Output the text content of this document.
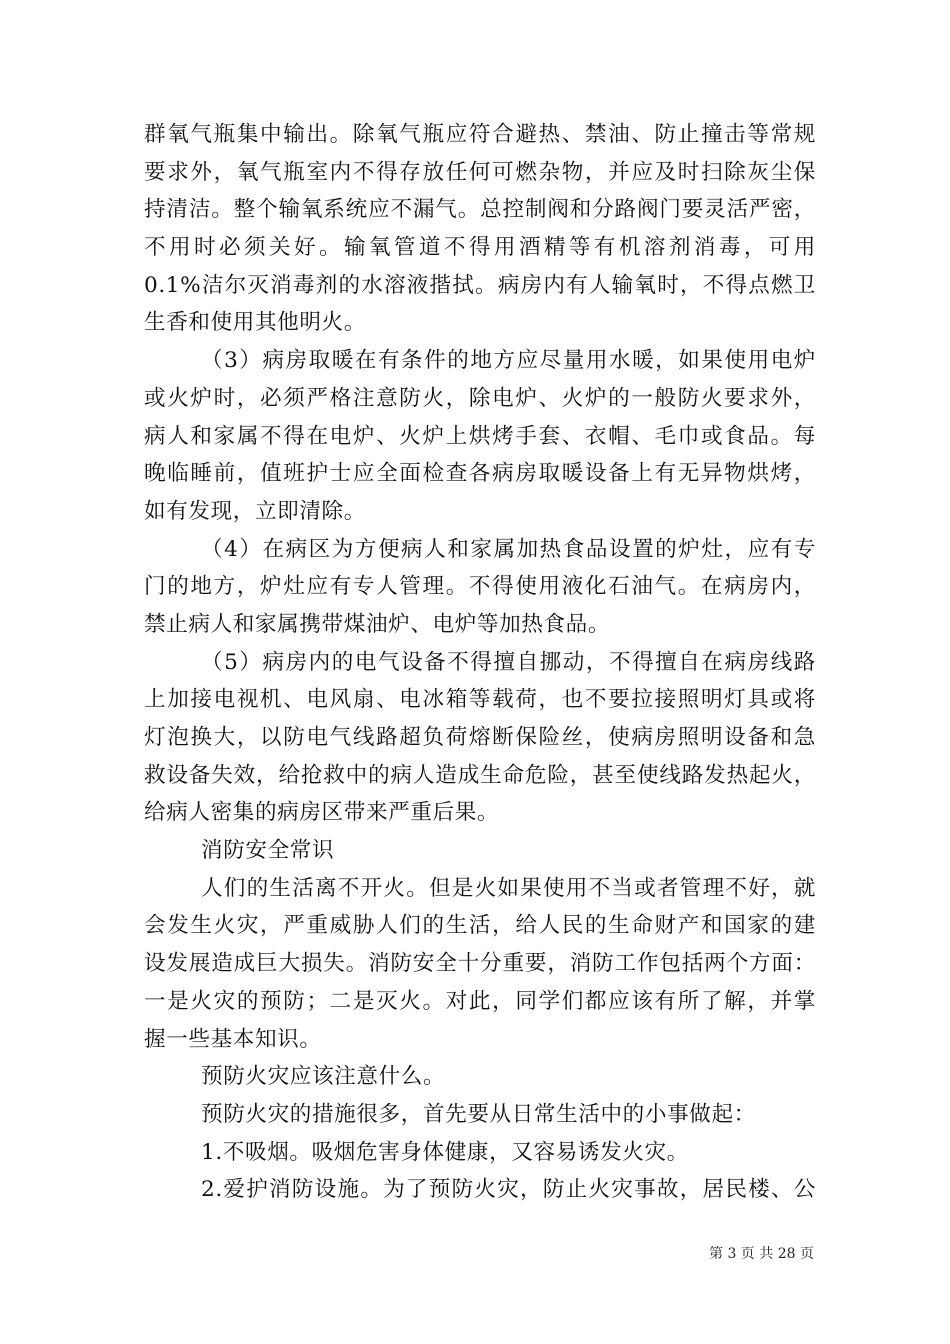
群氧气瓶集中输出。除氧气瓶应符合避热、禁油、防止撞击等常规
要求外，氧气瓶室内不得存放任何可燃杂物，并应及时扫除灰尘保
持清洁。整个输氧系统应不漏气。总控制阀和分路阀门要灵活严密，
不用时必须关好。输氧管道不得用酒精等有机溶剂消毒，可用
0.1%洁尔灭消毒剂的水溶液揩拭。病房内有人输氧时，不得点燃卫
生香和使用其他明火。
（3）病房取暖在有条件的地方应尽量用水暖，如果使用电炉
或火炉时，必须严格注意防火，除电炉、火炉的一般防火要求外，
病人和家属不得在电炉、火炉上烘烤手套、衣帽、毛巾或食品。每
晚临睡前，值班护士应全面检查各病房取暖设备上有无异物烘烤，
如有发现，立即清除。
（4）在病区为方便病人和家属加热食品设置的炉灶，应有专
门的地方，炉灶应有专人管理。不得使用液化石油气。在病房内，
禁止病人和家属携带煤油炉、电炉等加热食品。
（5）病房内的电气设备不得擅自挪动，不得擅自在病房线路
上加接电视机、电风扇、电冰箱等载荷，也不要拉接照明灯具或将
灯泡换大，以防电气线路超负荷熔断保险丝，使病房照明设备和急
救设备失效，给抢救中的病人造成生命危险，甚至使线路发热起火，
给病人密集的病房区带来严重后果。
消防安全常识
人们的生活离不开火。但是火如果使用不当或者管理不好，就
会发生火灾，严重威胁人们的生活，给人民的生命财产和国家的建
设发展造成巨大损失。消防安全十分重要，消防工作包括两个方面：
一是火灾的预防；二是灭火。对此，同学们都应该有所了解，并掌
握一些基本知识。
预防火灾应该注意什么。
预防火灾的措施很多，首先要从日常生活中的小事做起：
1.不吸烟。吸烟危害身体健康，又容易诱发火灾。
2.爱护消防设施。为了预防火灾，防止火灾事故，居民楼、公
第 3 页 共 28 页
